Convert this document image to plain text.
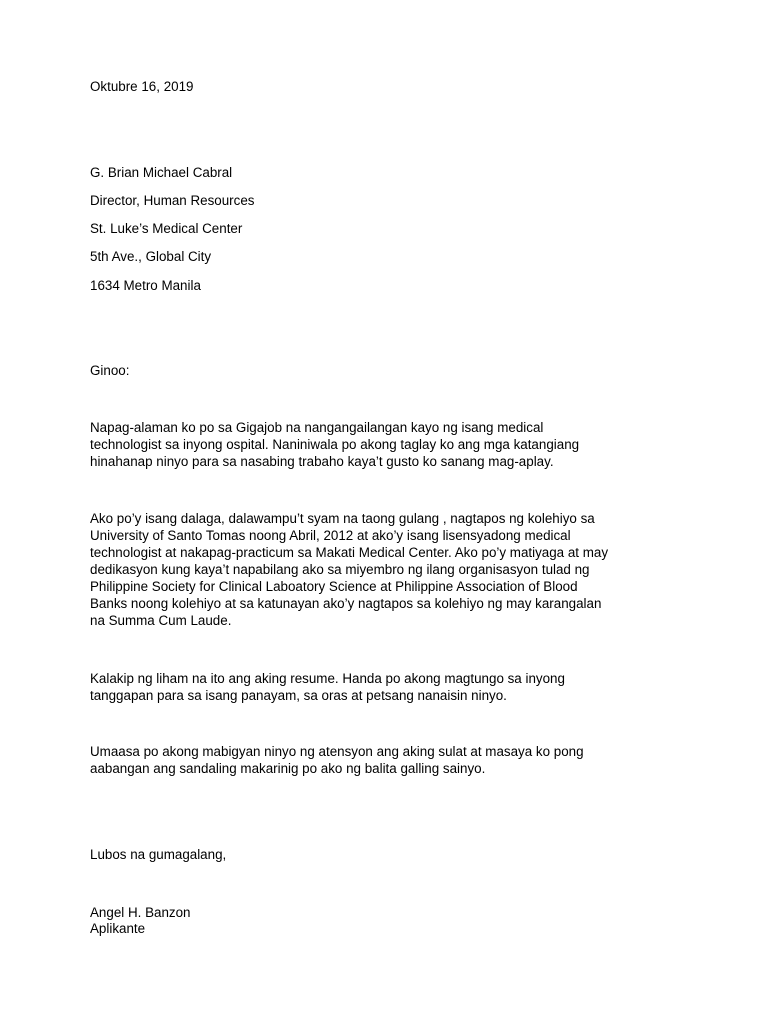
Oktubre 16, 2019

G. Brian Michael Cabral

Director, Human Resources

St. Luke’s Medical Center

5th Ave., Global City

1634 Metro Manila

Ginoo:

Napag-alaman ko po sa Gigajob na nangangailangan kayo ng isang medical
technologist sa inyong ospital. Naniniwala po akong taglay ko ang mga katangiang
hinahanap ninyo para sa nasabing trabaho kaya’t gusto ko sanang mag-aplay.
Ako po’y isang dalaga, dalawampu’t syam na taong gulang , nagtapos ng kolehiyo sa
University of Santo Tomas noong Abril, 2012 at ako’y isang lisensyadong medical
technologist at nakapag-practicum sa Makati Medical Center. Ako po’y matiyaga at may
dedikasyon kung kaya’t napabilang ako sa miyembro ng ilang organisasyon tulad ng
Philippine Society for Clinical Laboatory Science at Philippine Association of Blood
Banks noong kolehiyo at sa katunayan ako’y nagtapos sa kolehiyo ng may karangalan
na Summa Cum Laude.
Kalakip ng liham na ito ang aking resume. Handa po akong magtungo sa inyong
tanggapan para sa isang panayam, sa oras at petsang nanaisin ninyo.
Umaasa po akong mabigyan ninyo ng atensyon ang aking sulat at masaya ko pong
aabangan ang sandaling makarinig po ako ng balita galling sainyo.

Lubos na gumagalang,

Angel H. Banzon

Aplikante
